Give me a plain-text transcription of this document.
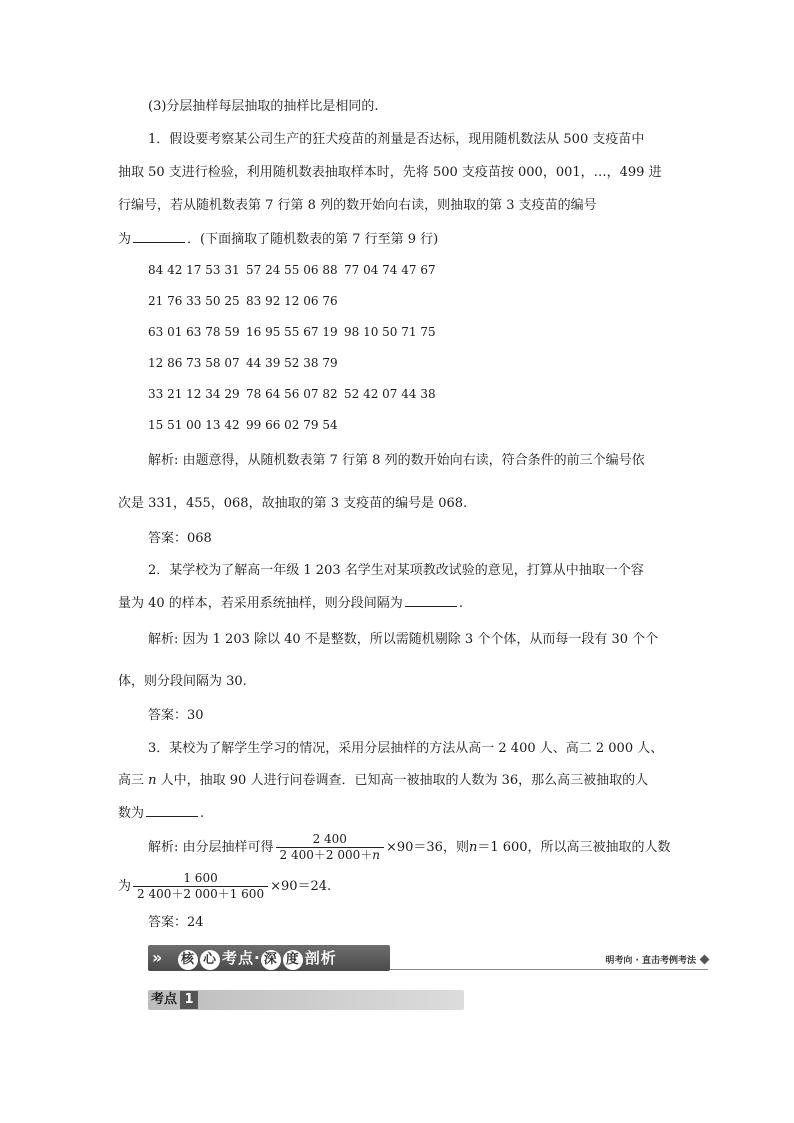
(3)分层抽样每层抽取的抽样比是相同的.
1．假设要考察某公司生产的狂犬疫苗的剂量是否达标，现用随机数法从 500 支疫苗中
抽取 50 支进行检验，利用随机数表抽取样本时，先将 500 支疫苗按 000，001，…，499 进
行编号，若从随机数表第 7 行第 8 列的数开始向右读，则抽取的第 3 支疫苗的编号
为	．(下面摘取了随机数表的第 7 行至第 9 行)
84 42 17 53 31 57 24 55 06 88 77 04 74 47 67
21 76 33 50 25 83 92 12 06 76
63 01 63 78 59 16 95 55 67 19 98 10 50 71 75
12 86 73 58 07 44 39 52 38 79
33 21 12 34 29 78 64 56 07 82 52 42 07 44 38
15 51 00 13 42 99 66 02 79 54
解析: 由题意得，从随机数表第 7 行第 8 列的数开始向右读，符合条件的前三个编号依
次是 331，455，068，故抽取的第 3 支疫苗的编号是 068.
答案：068
2．某学校为了解高一年级 1 203 名学生对某项教改试验的意见，打算从中抽取一个容
量为 40 的样本，若采用系统抽样，则分段间隔为	.
解析: 因为 1 203 除以 40 不是整数，所以需随机剔除 3 个个体，从而每一段有 30 个个
体，则分段间隔为 30.
答案：30
3．某校为了解学生学习的情况，采用分层抽样的方法从高一 2 400 人、高二 2 000 人、
高三 n 人中，抽取 90 人进行问卷调查．已知高一被抽取的人数为 36，那么高三被抽取的人
数为	.
解析: 由分层抽样可得 $\frac{2 400}{2 400+2 000+n} \times 90=36$，则n＝1 600，所以高三被抽取的人数
为 $\frac{1 600}{2 400+2 000+1 600} \times 90=24$.
答案：24
»	核 心 考点· 深 度 剖析	明考向 · 直击考例考法
考点 1
